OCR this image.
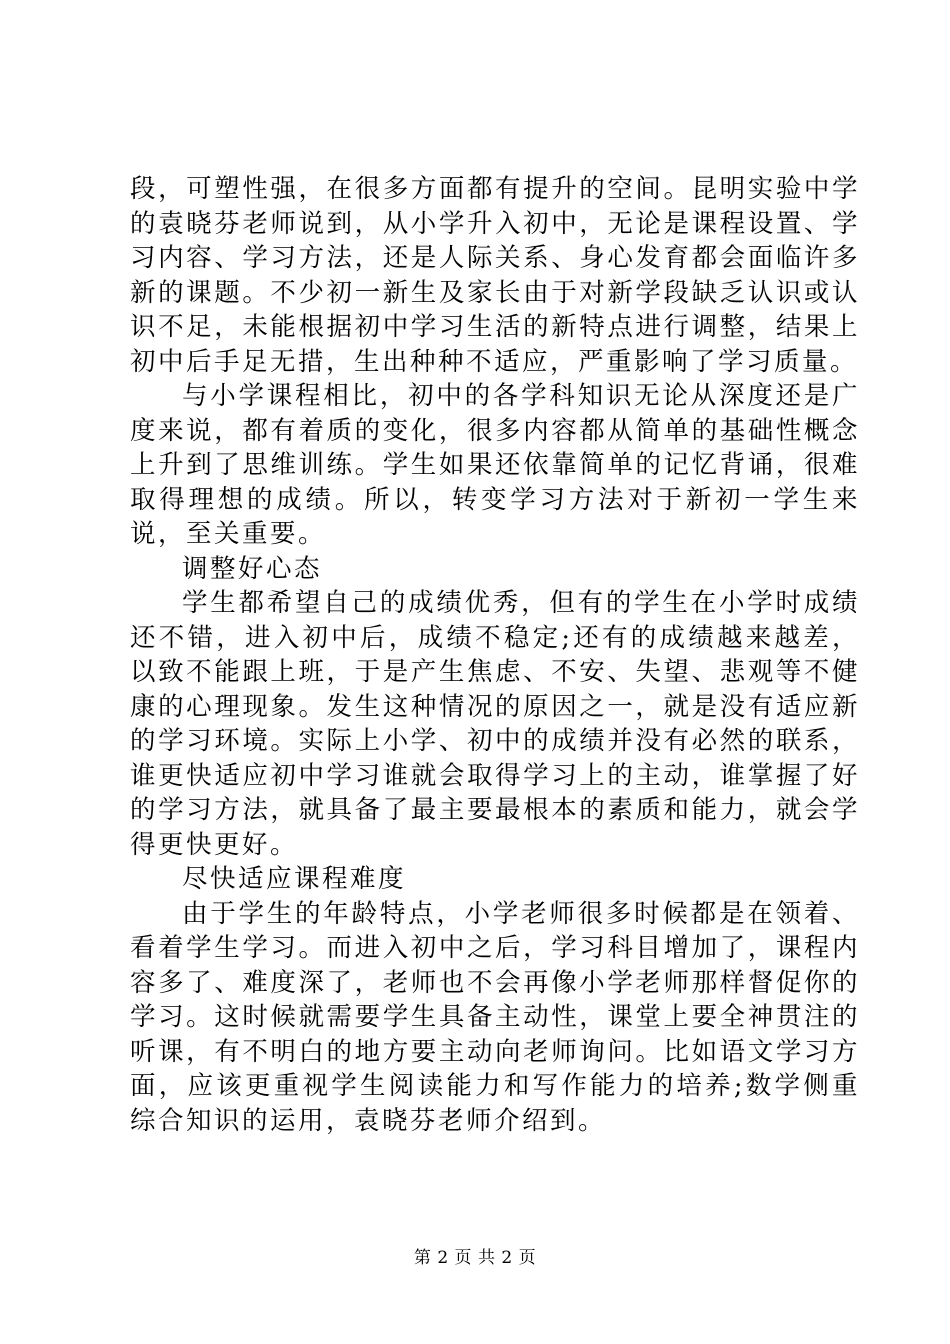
段，可塑性强，在很多方面都有提升的空间。昆明实验中学的袁晓芬老师说到，从小学升入初中，无论是课程设置、学习内容、学习方法，还是人际关系、身心发育都会面临许多新的课题。不少初一新生及家长由于对新学段缺乏认识或认识不足，未能根据初中学习生活的新特点进行调整，结果上初中后手足无措，生出种种不适应，严重影响了学习质量。

与小学课程相比，初中的各学科知识无论从深度还是广度来说，都有着质的变化，很多内容都从简单的基础性概念上升到了思维训练。学生如果还依靠简单的记忆背诵，很难取得理想的成绩。所以，转变学习方法对于新初一学生来说，至关重要。

调整好心态

学生都希望自己的成绩优秀，但有的学生在小学时成绩还不错，进入初中后，成绩不稳定;还有的成绩越来越差，以致不能跟上班，于是产生焦虑、不安、失望、悲观等不健康的心理现象。发生这种情况的原因之一，就是没有适应新的学习环境。实际上小学、初中的成绩并没有必然的联系，谁更快适应初中学习谁就会取得学习上的主动，谁掌握了好的学习方法，就具备了最主要最根本的素质和能力，就会学得更快更好。

尽快适应课程难度

由于学生的年龄特点，小学老师很多时候都是在领着、看着学生学习。而进入初中之后，学习科目增加了，课程内容多了、难度深了，老师也不会再像小学老师那样督促你的学习。这时候就需要学生具备主动性，课堂上要全神贯注的听课，有不明白的地方要主动向老师询问。比如语文学习方面，应该更重视学生阅读能力和写作能力的培养;数学侧重综合知识的运用，袁晓芬老师介绍到。

第 2 页 共 2 页
